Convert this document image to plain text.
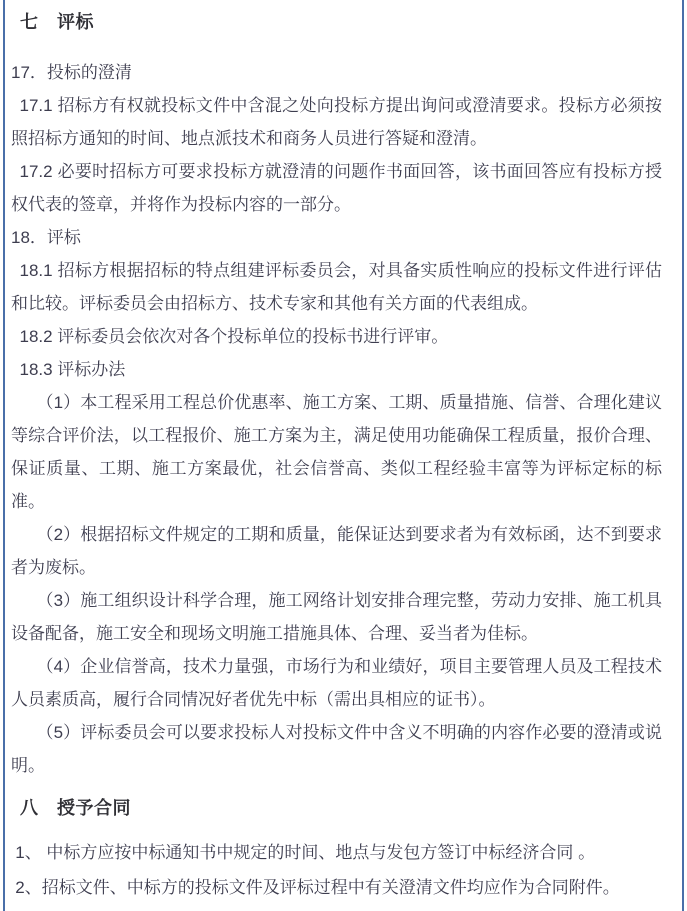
七　评标

17．投标的澄清

17.1 招标方有权就投标文件中含混之处向投标方提出询问或澄清要求。投标方必须按照招标方通知的时间、地点派技术和商务人员进行答疑和澄清。

17.2 必要时招标方可要求投标方就澄清的问题作书面回答，该书面回答应有投标方授权代表的签章，并将作为投标内容的一部分。

18．评标

18.1 招标方根据招标的特点组建评标委员会，对具备实质性响应的投标文件进行评估和比较。评标委员会由招标方、技术专家和其他有关方面的代表组成。

18.2 评标委员会依次对各个投标单位的投标书进行评审。

18.3 评标办法

（1）本工程采用工程总价优惠率、施工方案、工期、质量措施、信誉、合理化建议等综合评价法，以工程报价、施工方案为主，满足使用功能确保工程质量，报价合理、保证质量、工期、施工方案最优，社会信誉高、类似工程经验丰富等为评标定标的标准。

（2）根据招标文件规定的工期和质量，能保证达到要求者为有效标函，达不到要求者为废标。

（3）施工组织设计科学合理，施工网络计划安排合理完整，劳动力安排、施工机具设备配备，施工安全和现场文明施工措施具体、合理、妥当者为佳标。

（4）企业信誉高，技术力量强，市场行为和业绩好，项目主要管理人员及工程技术人员素质高，履行合同情况好者优先中标（需出具相应的证书）。

（5）评标委员会可以要求投标人对投标文件中含义不明确的内容作必要的澄清或说明。

八　授予合同

1、 中标方应按中标通知书中规定的时间、地点与发包方签订中标经济合同 。

2、招标文件、中标方的投标文件及评标过程中有关澄清文件均应作为合同附件。
